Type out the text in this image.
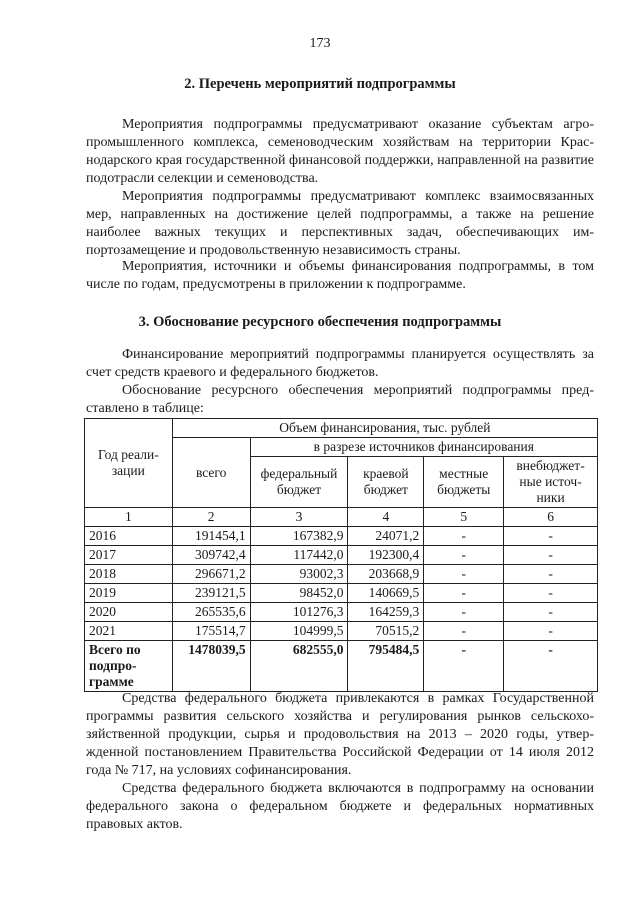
173
2. Перечень мероприятий подпрограммы

Мероприятия подпрограммы предусматривают оказание субъектам агропромышленного комплекса, семеноводческим хозяйствам на территории Краснодарского края государственной финансовой поддержки, направленной на развитие подотрасли селекции и семеноводства.

Мероприятия подпрограммы предусматривают комплекс взаимосвязанных мер, направленных на достижение целей подпрограммы, а также на решение наиболее важных текущих и перспективных задач, обеспечивающих импортозамещение и продовольственную независимость страны.

Мероприятия, источники и объемы финансирования подпрограммы, в том числе по годам, предусмотрены в приложении к подпрограмме.

3. Обоснование ресурсного обеспечения подпрограммы

Финансирование мероприятий подпрограммы планируется осуществлять за счет средств краевого и федерального бюджетов.

Обоснование ресурсного обеспечения мероприятий подпрограммы представлено в таблице:

Год реали-зации	Объем финансирования, тыс. рублей				
	всего	в разрезе источников финансирования			
		федеральный бюджет	краевой бюджет	местные бюджеты	внебюджетные источники
1	2	3	4	5	6
2016	191454,1	167382,9	24071,2	-	-
2017	309742,4	117442,0	192300,4	-	-
2018	296671,2	93002,3	203668,9	-	-
2019	239121,5	98452,0	140669,5	-	-
2020	265535,6	101276,3	164259,3	-	-
2021	175514,7	104999,5	70515,2	-	-
Всего по подпро-грамме	1478039,5	682555,0	795484,5	-	-

Средства федерального бюджета привлекаются в рамках Государственной программы развития сельского хозяйства и регулирования рынков сельскохозяйственной продукции, сырья и продовольствия на 2013 – 2020 годы, утвержденной постановлением Правительства Российской Федерации от 14 июля 2012 года № 717, на условиях софинансирования.

Средства федерального бюджета включаются в подпрограмму на основании федерального закона о федеральном бюджете и федеральных нормативных правовых актов.
